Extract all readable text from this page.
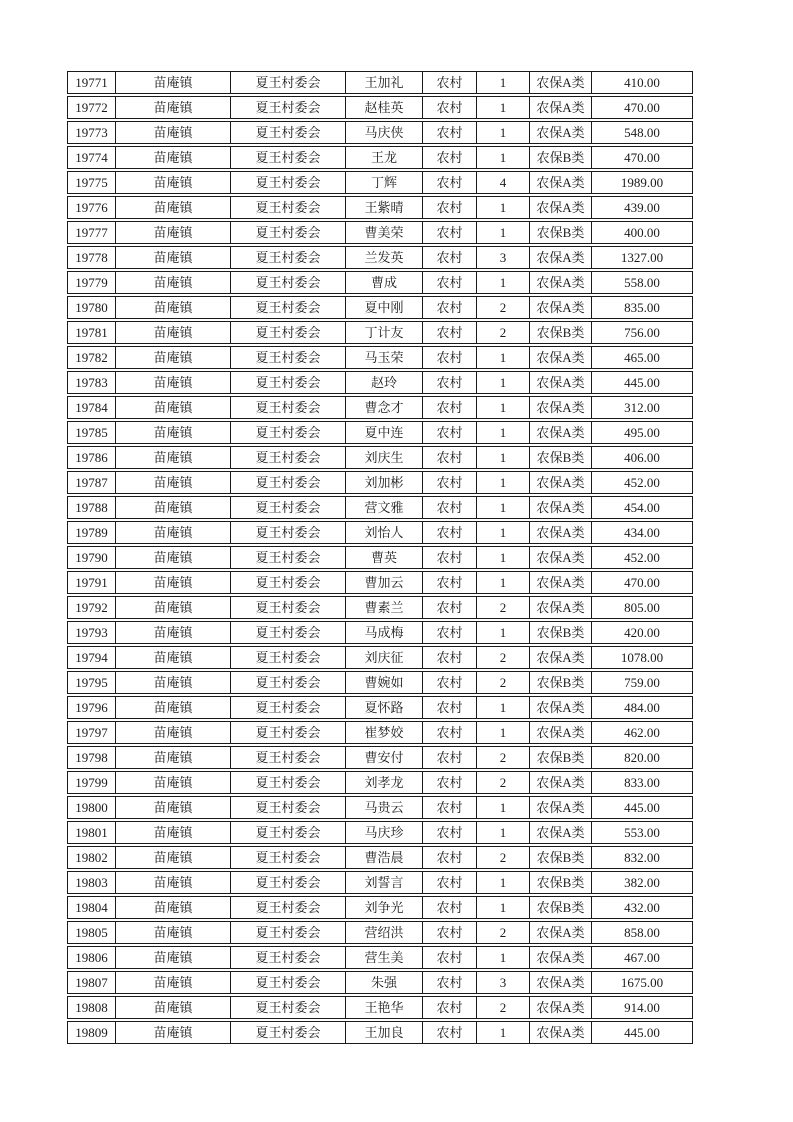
19771	苗庵镇	夏王村委会	王加礼	农村	1	农保A类	410.00
19772	苗庵镇	夏王村委会	赵桂英	农村	1	农保A类	470.00
19773	苗庵镇	夏王村委会	马庆侠	农村	1	农保A类	548.00
19774	苗庵镇	夏王村委会	王龙	农村	1	农保B类	470.00
19775	苗庵镇	夏王村委会	丁辉	农村	4	农保A类	1989.00
19776	苗庵镇	夏王村委会	王紫晴	农村	1	农保A类	439.00
19777	苗庵镇	夏王村委会	曹美荣	农村	1	农保B类	400.00
19778	苗庵镇	夏王村委会	兰发英	农村	3	农保A类	1327.00
19779	苗庵镇	夏王村委会	曹成	农村	1	农保A类	558.00
19780	苗庵镇	夏王村委会	夏中刚	农村	2	农保A类	835.00
19781	苗庵镇	夏王村委会	丁计友	农村	2	农保B类	756.00
19782	苗庵镇	夏王村委会	马玉荣	农村	1	农保A类	465.00
19783	苗庵镇	夏王村委会	赵玲	农村	1	农保A类	445.00
19784	苗庵镇	夏王村委会	曹念才	农村	1	农保A类	312.00
19785	苗庵镇	夏王村委会	夏中连	农村	1	农保A类	495.00
19786	苗庵镇	夏王村委会	刘庆生	农村	1	农保B类	406.00
19787	苗庵镇	夏王村委会	刘加彬	农村	1	农保A类	452.00
19788	苗庵镇	夏王村委会	营文雅	农村	1	农保A类	454.00
19789	苗庵镇	夏王村委会	刘怡人	农村	1	农保A类	434.00
19790	苗庵镇	夏王村委会	曹英	农村	1	农保A类	452.00
19791	苗庵镇	夏王村委会	曹加云	农村	1	农保A类	470.00
19792	苗庵镇	夏王村委会	曹素兰	农村	2	农保A类	805.00
19793	苗庵镇	夏王村委会	马成梅	农村	1	农保B类	420.00
19794	苗庵镇	夏王村委会	刘庆征	农村	2	农保A类	1078.00
19795	苗庵镇	夏王村委会	曹婉如	农村	2	农保B类	759.00
19796	苗庵镇	夏王村委会	夏怀路	农村	1	农保A类	484.00
19797	苗庵镇	夏王村委会	崔梦姣	农村	1	农保A类	462.00
19798	苗庵镇	夏王村委会	曹安付	农村	2	农保B类	820.00
19799	苗庵镇	夏王村委会	刘孝龙	农村	2	农保A类	833.00
19800	苗庵镇	夏王村委会	马贵云	农村	1	农保A类	445.00
19801	苗庵镇	夏王村委会	马庆珍	农村	1	农保A类	553.00
19802	苗庵镇	夏王村委会	曹浩晨	农村	2	农保B类	832.00
19803	苗庵镇	夏王村委会	刘誓言	农村	1	农保B类	382.00
19804	苗庵镇	夏王村委会	刘争光	农村	1	农保B类	432.00
19805	苗庵镇	夏王村委会	营绍洪	农村	2	农保A类	858.00
19806	苗庵镇	夏王村委会	营生美	农村	1	农保A类	467.00
19807	苗庵镇	夏王村委会	朱强	农村	3	农保A类	1675.00
19808	苗庵镇	夏王村委会	王艳华	农村	2	农保A类	914.00
19809	苗庵镇	夏王村委会	王加良	农村	1	农保A类	445.00
